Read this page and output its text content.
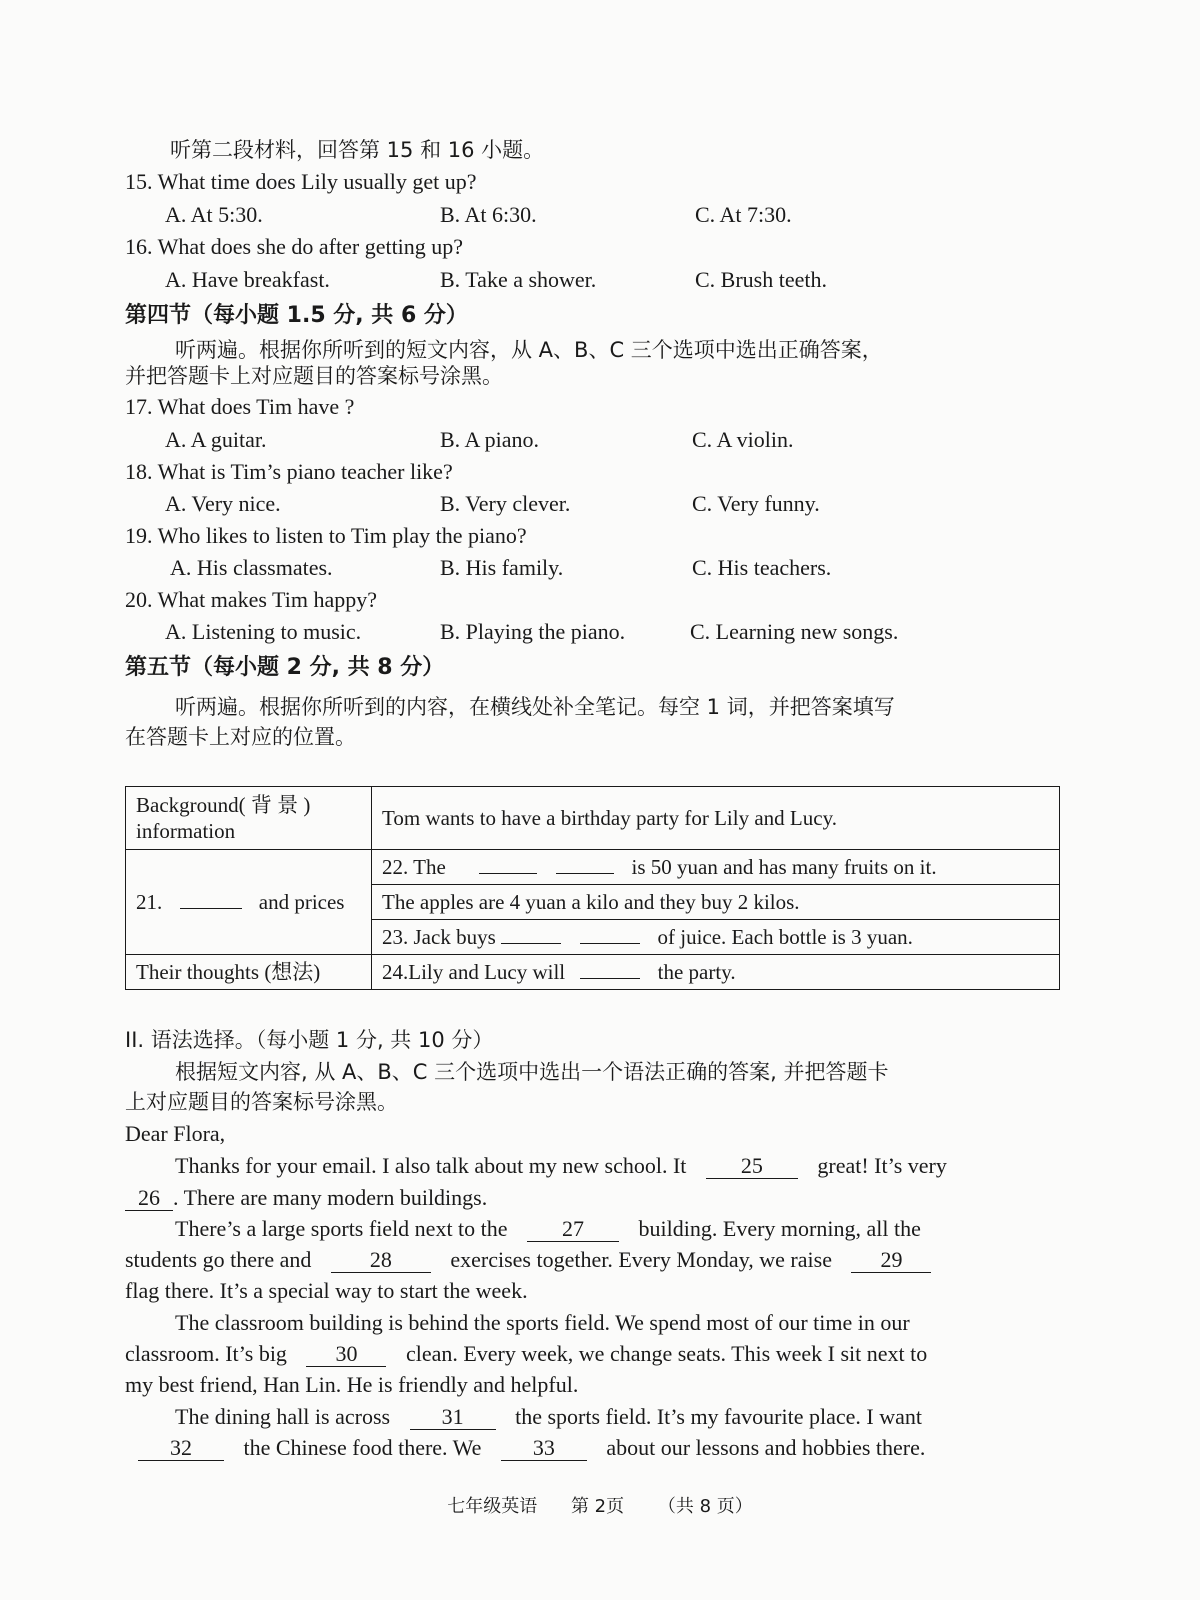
听第二段材料，回答第 15 和 16 小题。
15. What time does Lily usually get up?
A. At 5:30.	B. At 6:30.	C. At 7:30.
16. What does she do after getting up?
A. Have breakfast.	B. Take a shower.	C. Brush teeth.
第四节（每小题 1.5 分, 共 6 分）
听两遍。根据你所听到的短文内容，从 A、B、C 三个选项中选出正确答案，
并把答题卡上对应题目的答案标号涂黑。
17. What does Tim have ?
A. A guitar.	B. A piano.	C. A violin.
18. What is Tim’s piano teacher like?
A. Very nice.	B. Very clever.	C. Very funny.
19. Who likes to listen to Tim play the piano?
A. His classmates.	B. His family.	C. His teachers.
20. What makes Tim happy?
A. Listening to music.	B. Playing the piano.	C. Learning new songs.
第五节（每小题 2 分, 共 8 分）
听两遍。根据你所听到的内容，在横线处补全笔记。每空 1 词，并把答案填写
在答题卡上对应的位置。
Background( 背 景 )
information	Tom wants to have a birthday party for Lily and Lucy.
21. and prices	22. The is 50 yuan and has many fruits on it.
	The apples are 4 yuan a kilo and they buy 2 kilos.
	23. Jack buys of juice. Each bottle is 3 yuan.
Their thoughts (想法)	24.Lily and Lucy will the party.
II. 语法选择。（每小题 1 分, 共 10 分）
根据短文内容, 从 A、B、C 三个选项中选出一个语法正确的答案, 并把答题卡
上对应题目的答案标号涂黑。
Dear Flora,
Thanks for your email. I also talk about my new school. It 25 great! It’s very
26 . There are many modern buildings.
There’s a large sports field next to the 27 building. Every morning, all the
students go there and	28	exercises together. Every Monday, we raise 29
flag there. It’s a special way to start the week.
The classroom building is behind the sports field. We spend most of our time in our
classroom. It’s big 30 clean. Every week, we change seats. This week I sit next to
my best friend, Han Lin. He is friendly and helpful.
The dining hall is across 31 the sports field. It’s my favourite place. I want
32 the Chinese food there. We 33 about our lessons and hobbies there.
七年级英语 第 2页 （共 8 页）
